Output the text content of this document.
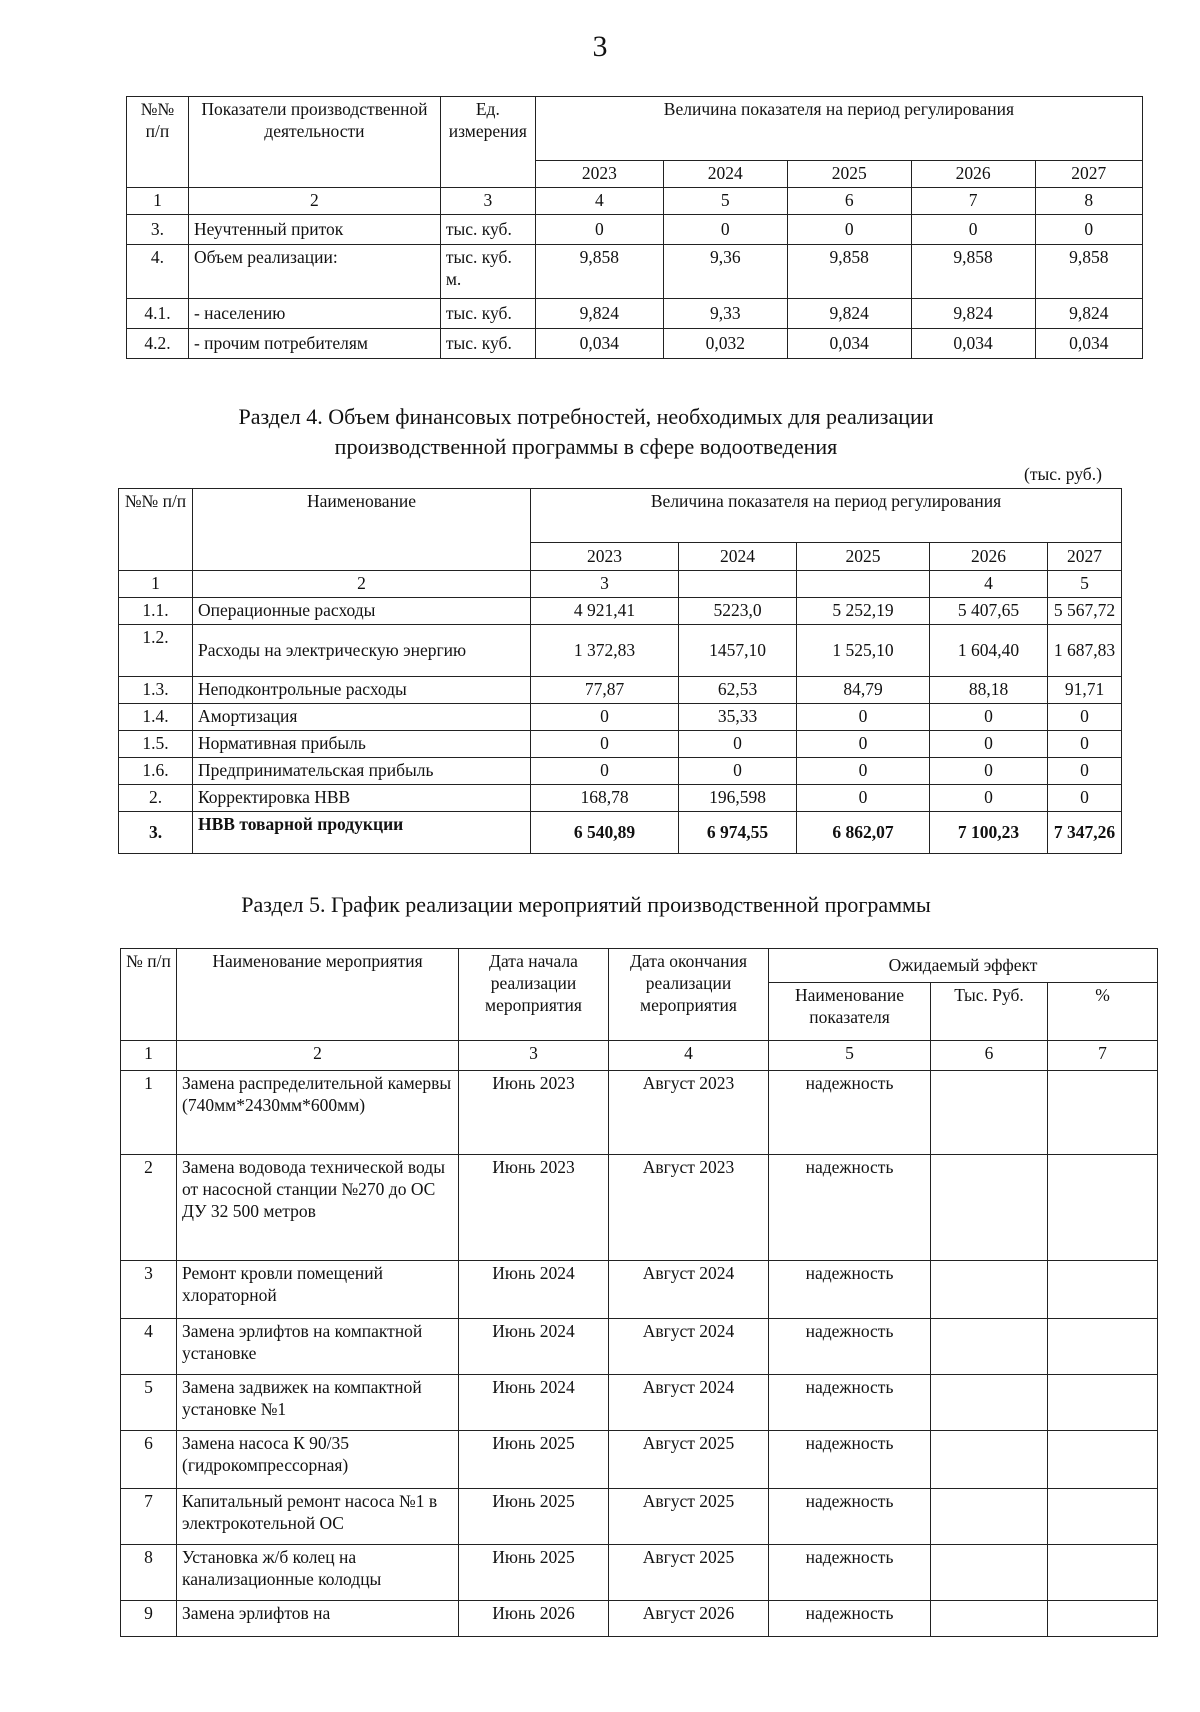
3
№№ п/п	Показатели производственной деятельности	Ед. измерения	Величина показателя на период регулирования				
			2023	2024	2025	2026	2027
1	2	3	4	5	6	7	8
3.	Неучтенный приток	тыс. куб.	0	0	0	0	0
4.	Объем реализации:	тыс. куб. м.	9,858	9,36	9,858	9,858	9,858
4.1.	- населению	тыс. куб.	9,824	9,33	9,824	9,824	9,824
4.2.	- прочим потребителям	тыс. куб.	0,034	0,032	0,034	0,034	0,034
Раздел 4. Объем финансовых потребностей, необходимых для реализации
производственной программы в сфере водоотведения
(тыс. руб.)
№№ п/п	Наименование	Величина показателя на период регулирования				
		2023	2024	2025	2026	2027
1	2	3			4	5
1.1.	Операционные расходы	4 921,41	5223,0	5 252,19	5 407,65	5 567,72
1.2.	Расходы на электрическую энергию	1 372,83	1457,10	1 525,10	1 604,40	1 687,83
1.3.	Неподконтрольные расходы	77,87	62,53	84,79	88,18	91,71
1.4.	Амортизация	0	35,33	0	0	0
1.5.	Нормативная прибыль	0	0	0	0	0
1.6.	Предпринимательская прибыль	0	0	0	0	0
2.	Корректировка НВВ	168,78	196,598	0	0	0
3.	НВВ товарной продукции	6 540,89	6 974,55	6 862,07	7 100,23	7 347,26
Раздел 5. График реализации мероприятий производственной программы
№ п/п	Наименование мероприятия	Дата начала реализации мероприятия	Дата окончания реализации мероприятия	Ожидаемый эффект		
				Наименование показателя	Тыс. Руб.	%
1	2	3	4	5	6	7
1	Замена распределительной камервы (740мм*2430мм*600мм)	Июнь 2023	Август 2023	надежность		
2	Замена водовода технической воды от насосной станции №270 до ОС ДУ 32 500 метров	Июнь 2023	Август 2023	надежность		
3	Ремонт кровли помещений хлораторной	Июнь 2024	Август 2024	надежность		
4	Замена эрлифтов на компактной установке	Июнь 2024	Август 2024	надежность		
5	Замена задвижек на компактной установке №1	Июнь 2024	Август 2024	надежность		
6	Замена насоса К 90/35 (гидрокомпрессорная)	Июнь 2025	Август 2025	надежность		
7	Капитальный ремонт насоса №1 в электрокотельной ОС	Июнь 2025	Август 2025	надежность		
8	Установка ж/б колец на канализационные колодцы	Июнь 2025	Август 2025	надежность		
9	Замена эрлифтов на	Июнь 2026	Август 2026	надежность		
